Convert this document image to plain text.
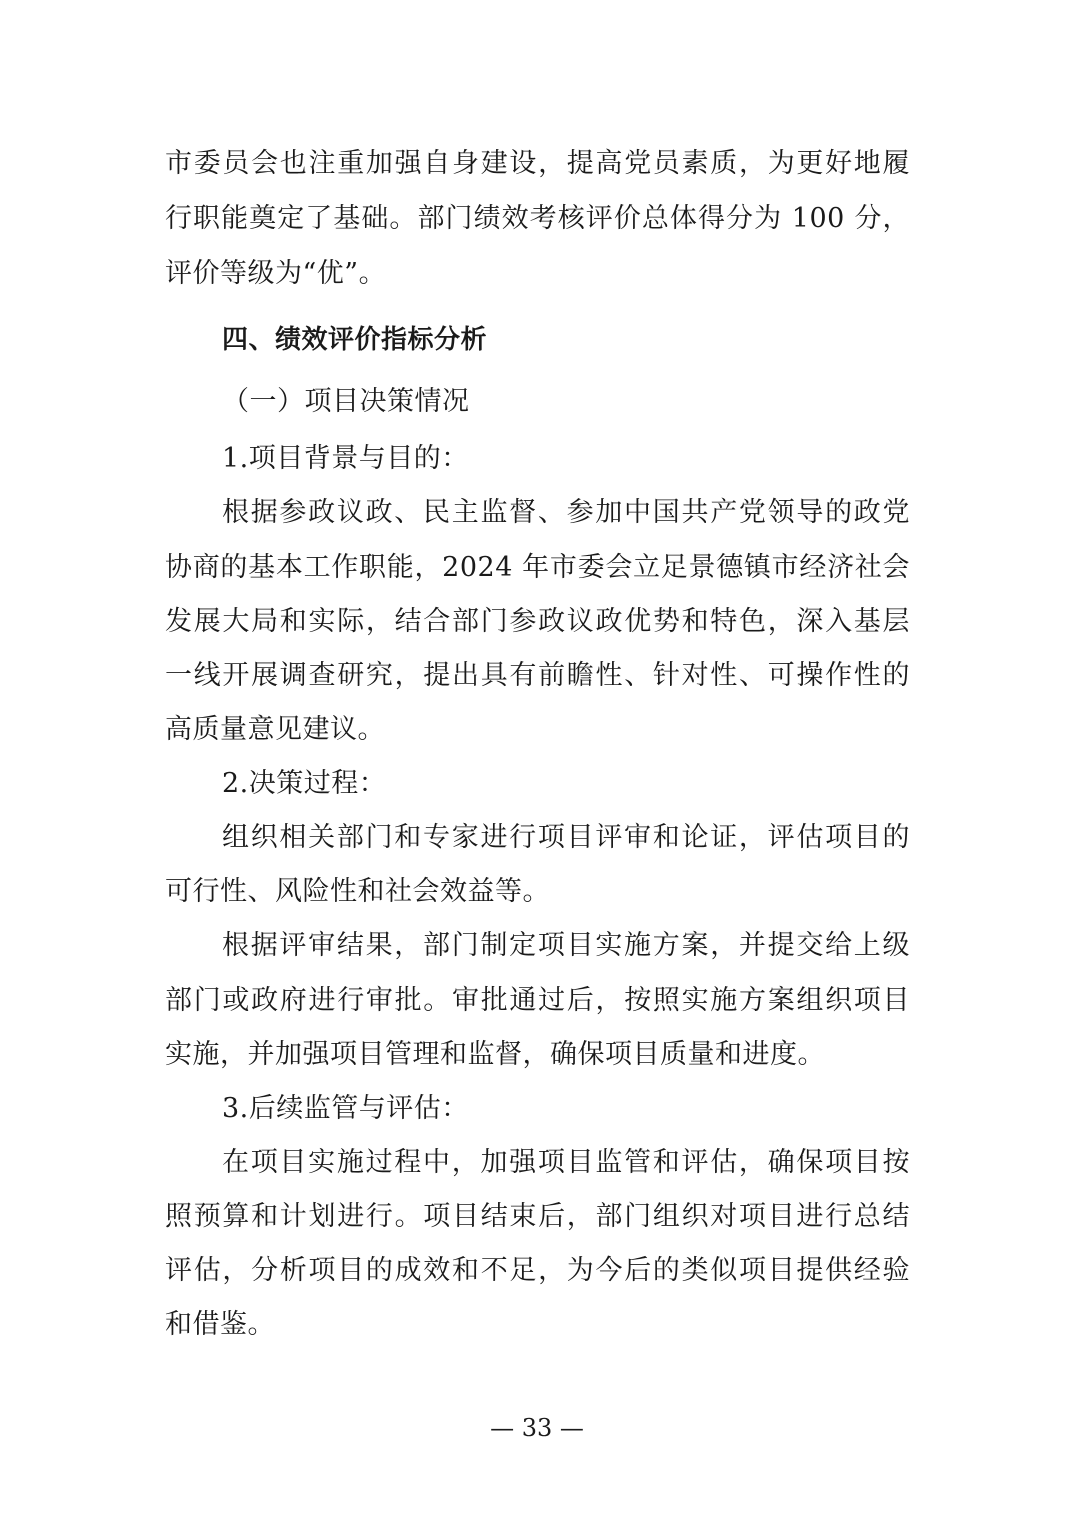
市委员会也注重加强自身建设，提高党员素质，为更好地履
行职能奠定了基础。部门绩效考核评价总体得分为 100 分，
评价等级为“优”。
四、绩效评价指标分析
（一）项目决策情况
1.项目背景与目的：
根据参政议政、民主监督、参加中国共产党领导的政党
协商的基本工作职能，2024 年市委会立足景德镇市经济社会
发展大局和实际，结合部门参政议政优势和特色，深入基层
一线开展调查研究，提出具有前瞻性、针对性、可操作性的
高质量意见建议。
2.决策过程：
组织相关部门和专家进行项目评审和论证，评估项目的
可行性、风险性和社会效益等。
根据评审结果，部门制定项目实施方案，并提交给上级
部门或政府进行审批。审批通过后，按照实施方案组织项目
实施，并加强项目管理和监督，确保项目质量和进度。
3.后续监管与评估：
在项目实施过程中，加强项目监管和评估，确保项目按
照预算和计划进行。项目结束后，部门组织对项目进行总结
评估，分析项目的成效和不足，为今后的类似项目提供经验
和借鉴。
— 33 —
